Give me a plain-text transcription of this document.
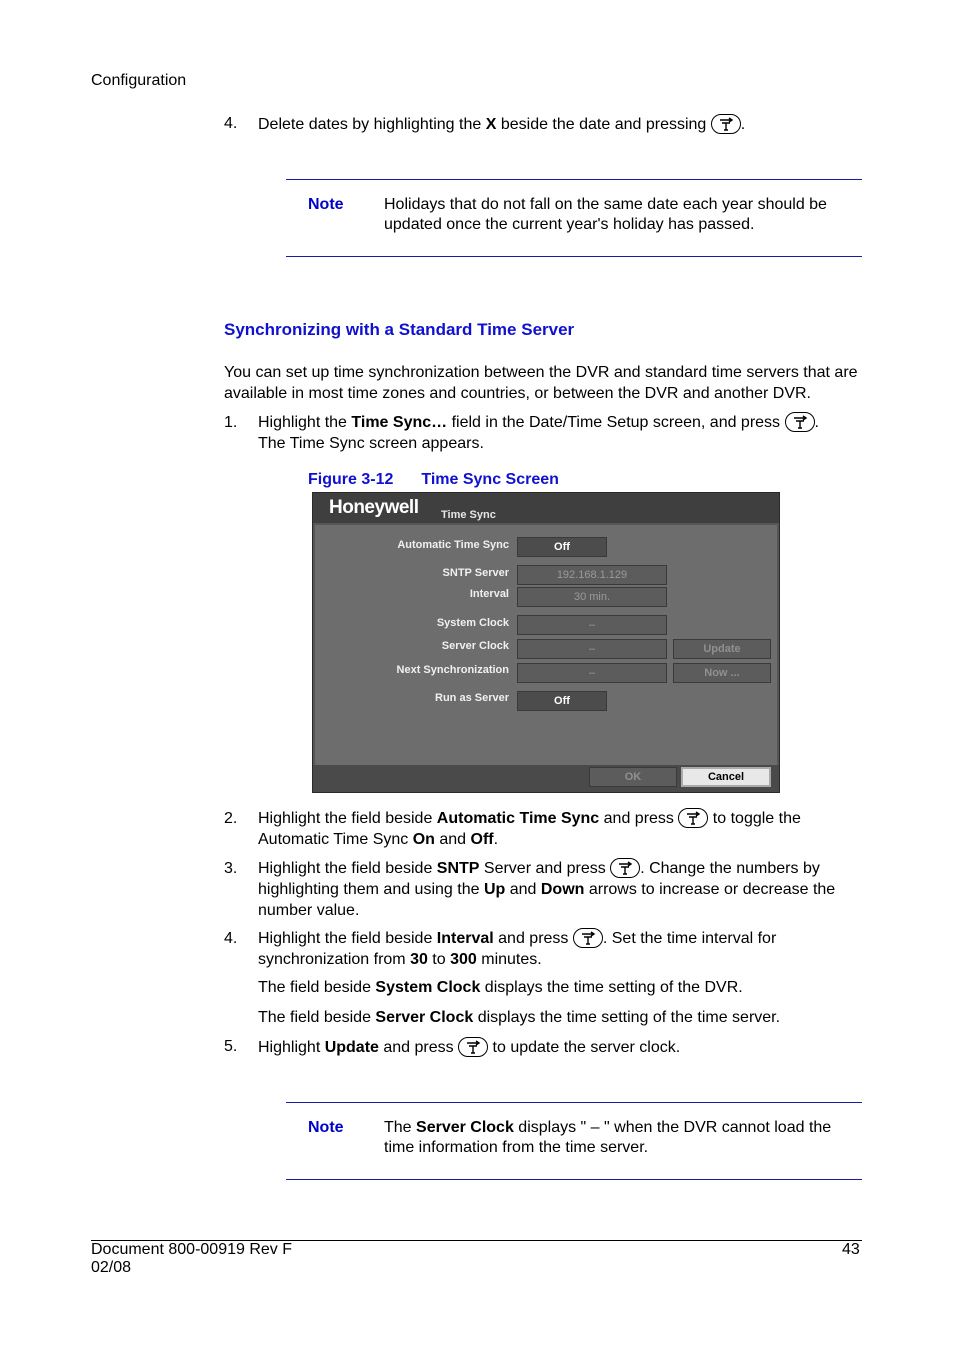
Configuration
4. Delete dates by highlighting the X beside the date and pressing
.
Note	Holidays that do not fall on the same date each year should be updated once the current year's holiday has passed.
Synchronizing with a Standard Time Server
You can set up time synchronization between the DVR and standard time servers that are available in most time zones and countries, or between the DVR and another DVR.
1. Highlight the Time Sync… field in the Date/Time Setup screen, and press
.
The Time Sync screen appears.
Figure 3-12 Time Sync Screen
Honeywell Time Sync
Automatic Time Sync	Off
SNTP Server	192.168.1.129
Interval	30 min.
System Clock	–
Server Clock	–	Update
Next Synchronization	–	Now ...
Run as Server	Off
OK	Cancel
2. Highlight the field beside Automatic Time Sync and press
to toggle the Automatic Time Sync On and Off.
3. Highlight the field beside SNTP Server and press
. Change the numbers by highlighting them and using the Up and Down arrows to increase or decrease the number value.
4. Highlight the field beside Interval and press
. Set the time interval for synchronization from 30 to 300 minutes.
The field beside System Clock displays the time setting of the DVR.
The field beside Server Clock displays the time setting of the time server.
5. Highlight Update and press
to update the server clock.
Note	The Server Clock displays " – " when the DVR cannot load the time information from the time server.
Document 800-00919 Rev F
02/08
43
